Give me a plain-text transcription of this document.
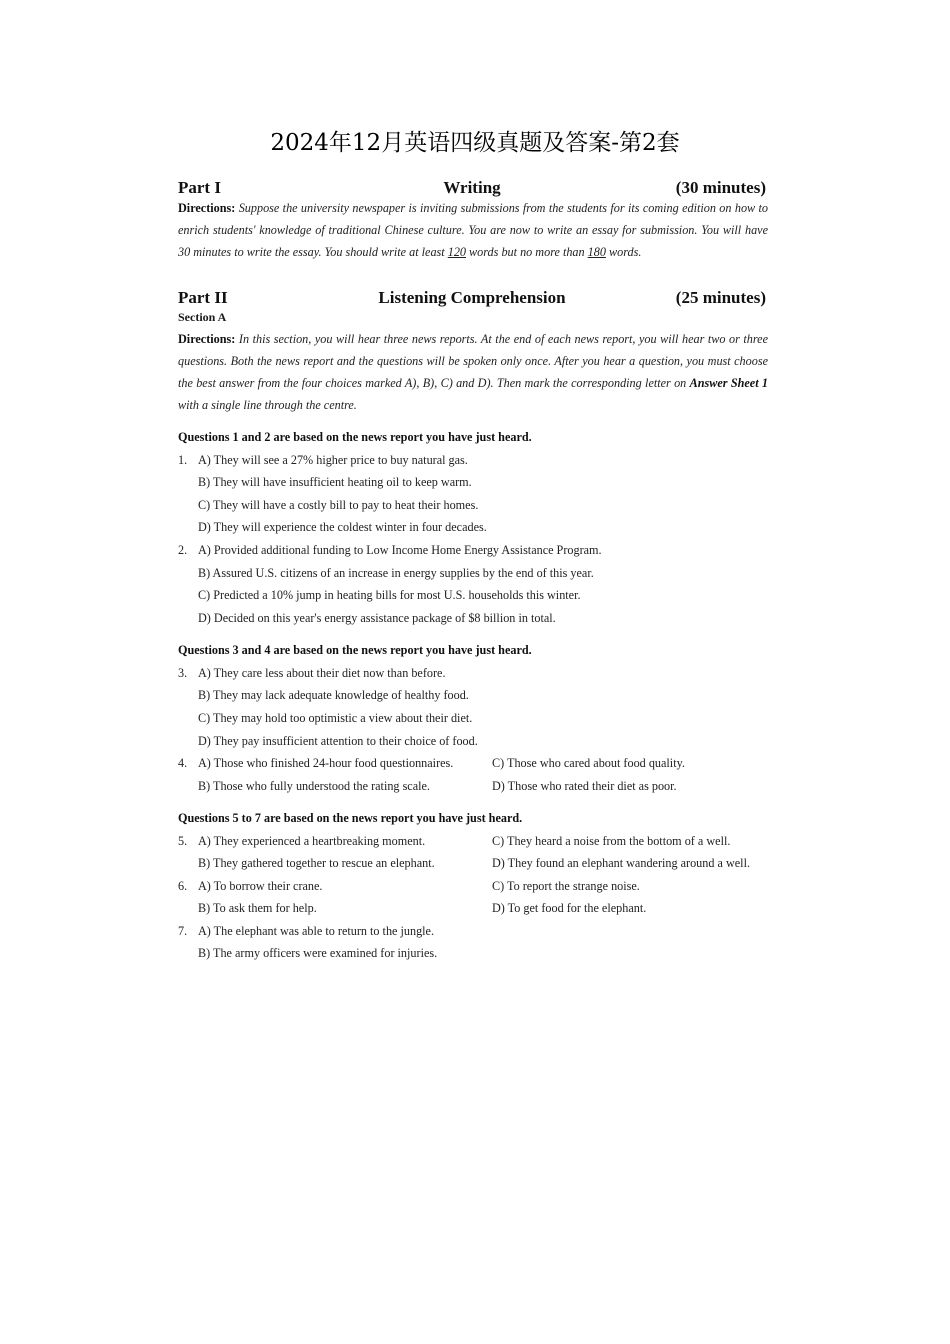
2024年12月英语四级真题及答案-第2套
Part I	Writing	(30 minutes)
Directions: Suppose the university newspaper is inviting submissions from the students for its coming edition on how to enrich students' knowledge of traditional Chinese culture. You are now to write an essay for submission. You will have 30 minutes to write the essay. You should write at least 120 words but no more than 180 words.
Part II	Listening Comprehension	(25 minutes)
Section A
Directions: In this section, you will hear three news reports. At the end of each news report, you will hear two or three questions. Both the news report and the questions will be spoken only once. After you hear a question, you must choose the best answer from the four choices marked A), B), C) and D). Then mark the corresponding letter on Answer Sheet 1 with a single line through the centre.
Questions 1 and 2 are based on the news report you have just heard.
1. A) They will see a 27% higher price to buy natural gas.
B) They will have insufficient heating oil to keep warm.
C) They will have a costly bill to pay to heat their homes.
D) They will experience the coldest winter in four decades.
2. A) Provided additional funding to Low Income Home Energy Assistance Program.
B) Assured U.S. citizens of an increase in energy supplies by the end of this year.
C) Predicted a 10% jump in heating bills for most U.S. households this winter.
D) Decided on this year's energy assistance package of $8 billion in total.
Questions 3 and 4 are based on the news report you have just heard.
3. A) They care less about their diet now than before.
B) They may lack adequate knowledge of healthy food.
C) They may hold too optimistic a view about their diet.
D) They pay insufficient attention to their choice of food.
4. A) Those who finished 24-hour food questionnaires.	C) Those who cared about food quality.
B) Those who fully understood the rating scale.	D) Those who rated their diet as poor.
Questions 5 to 7 are based on the news report you have just heard.
5. A) They experienced a heartbreaking moment.	C) They heard a noise from the bottom of a well.
B) They gathered together to rescue an elephant.	D) They found an elephant wandering around a well.
6. A) To borrow their crane.	C) To report the strange noise.
B) To ask them for help.	D) To get food for the elephant.
7. A) The elephant was able to return to the jungle.
B) The army officers were examined for injuries.
